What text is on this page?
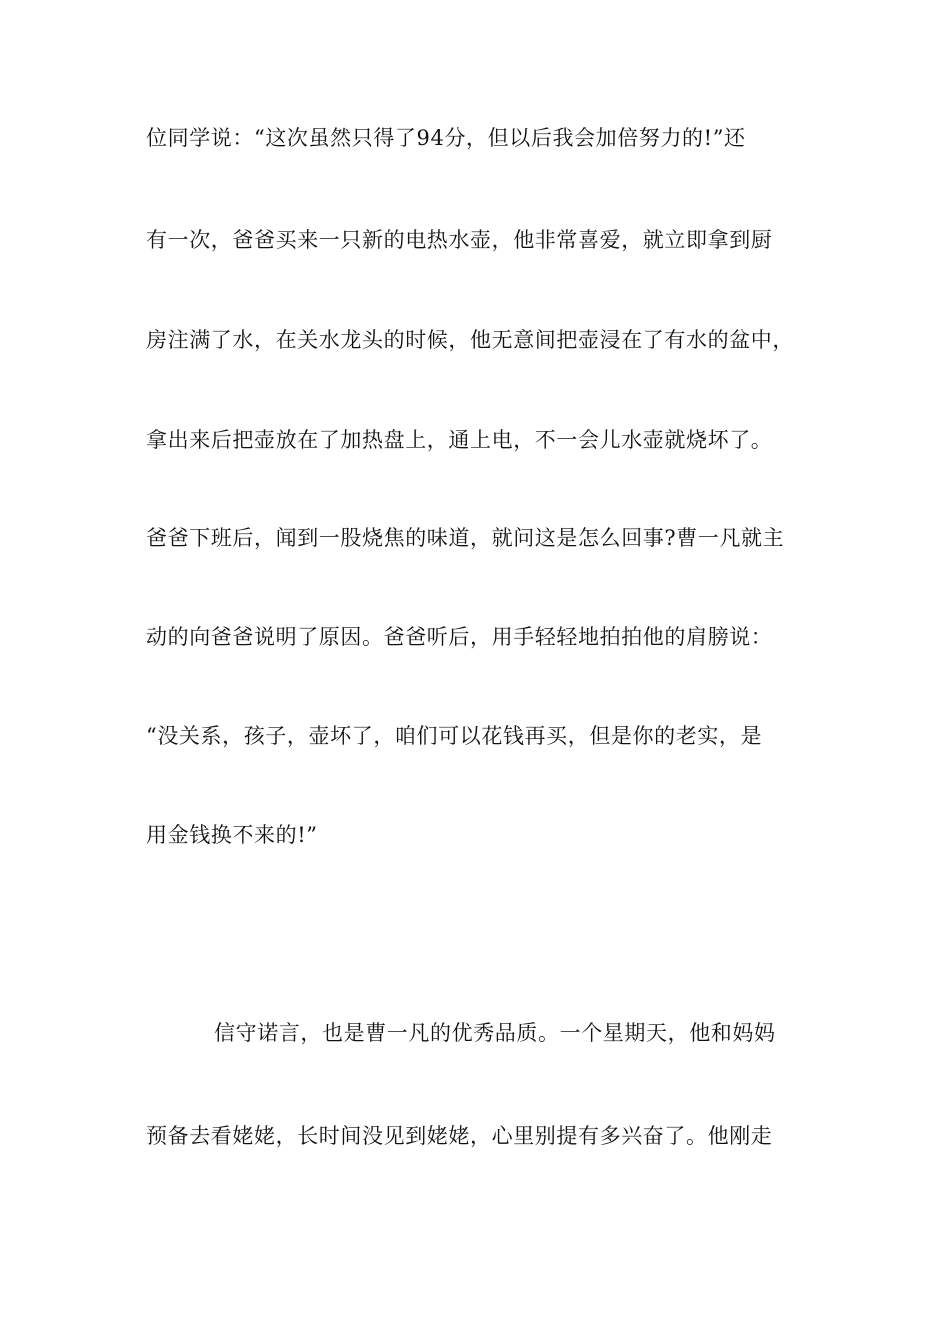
位同学说：“这次虽然只得了94分，但以后我会加倍努力的!”还
有一次，爸爸买来一只新的电热水壶，他非常喜爱，就立即拿到厨
房注满了水，在关水龙头的时候，他无意间把壶浸在了有水的盆中，
拿出来后把壶放在了加热盘上，通上电，不一会儿水壶就烧坏了。
爸爸下班后，闻到一股烧焦的味道，就问这是怎么回事?曹一凡就主
动的向爸爸说明了原因。爸爸听后，用手轻轻地拍拍他的肩膀说：
“没关系，孩子，壶坏了，咱们可以花钱再买，但是你的老实，是
用金钱换不来的!”
信守诺言，也是曹一凡的优秀品质。一个星期天，他和妈妈
预备去看姥姥，长时间没见到姥姥，心里别提有多兴奋了。他刚走
